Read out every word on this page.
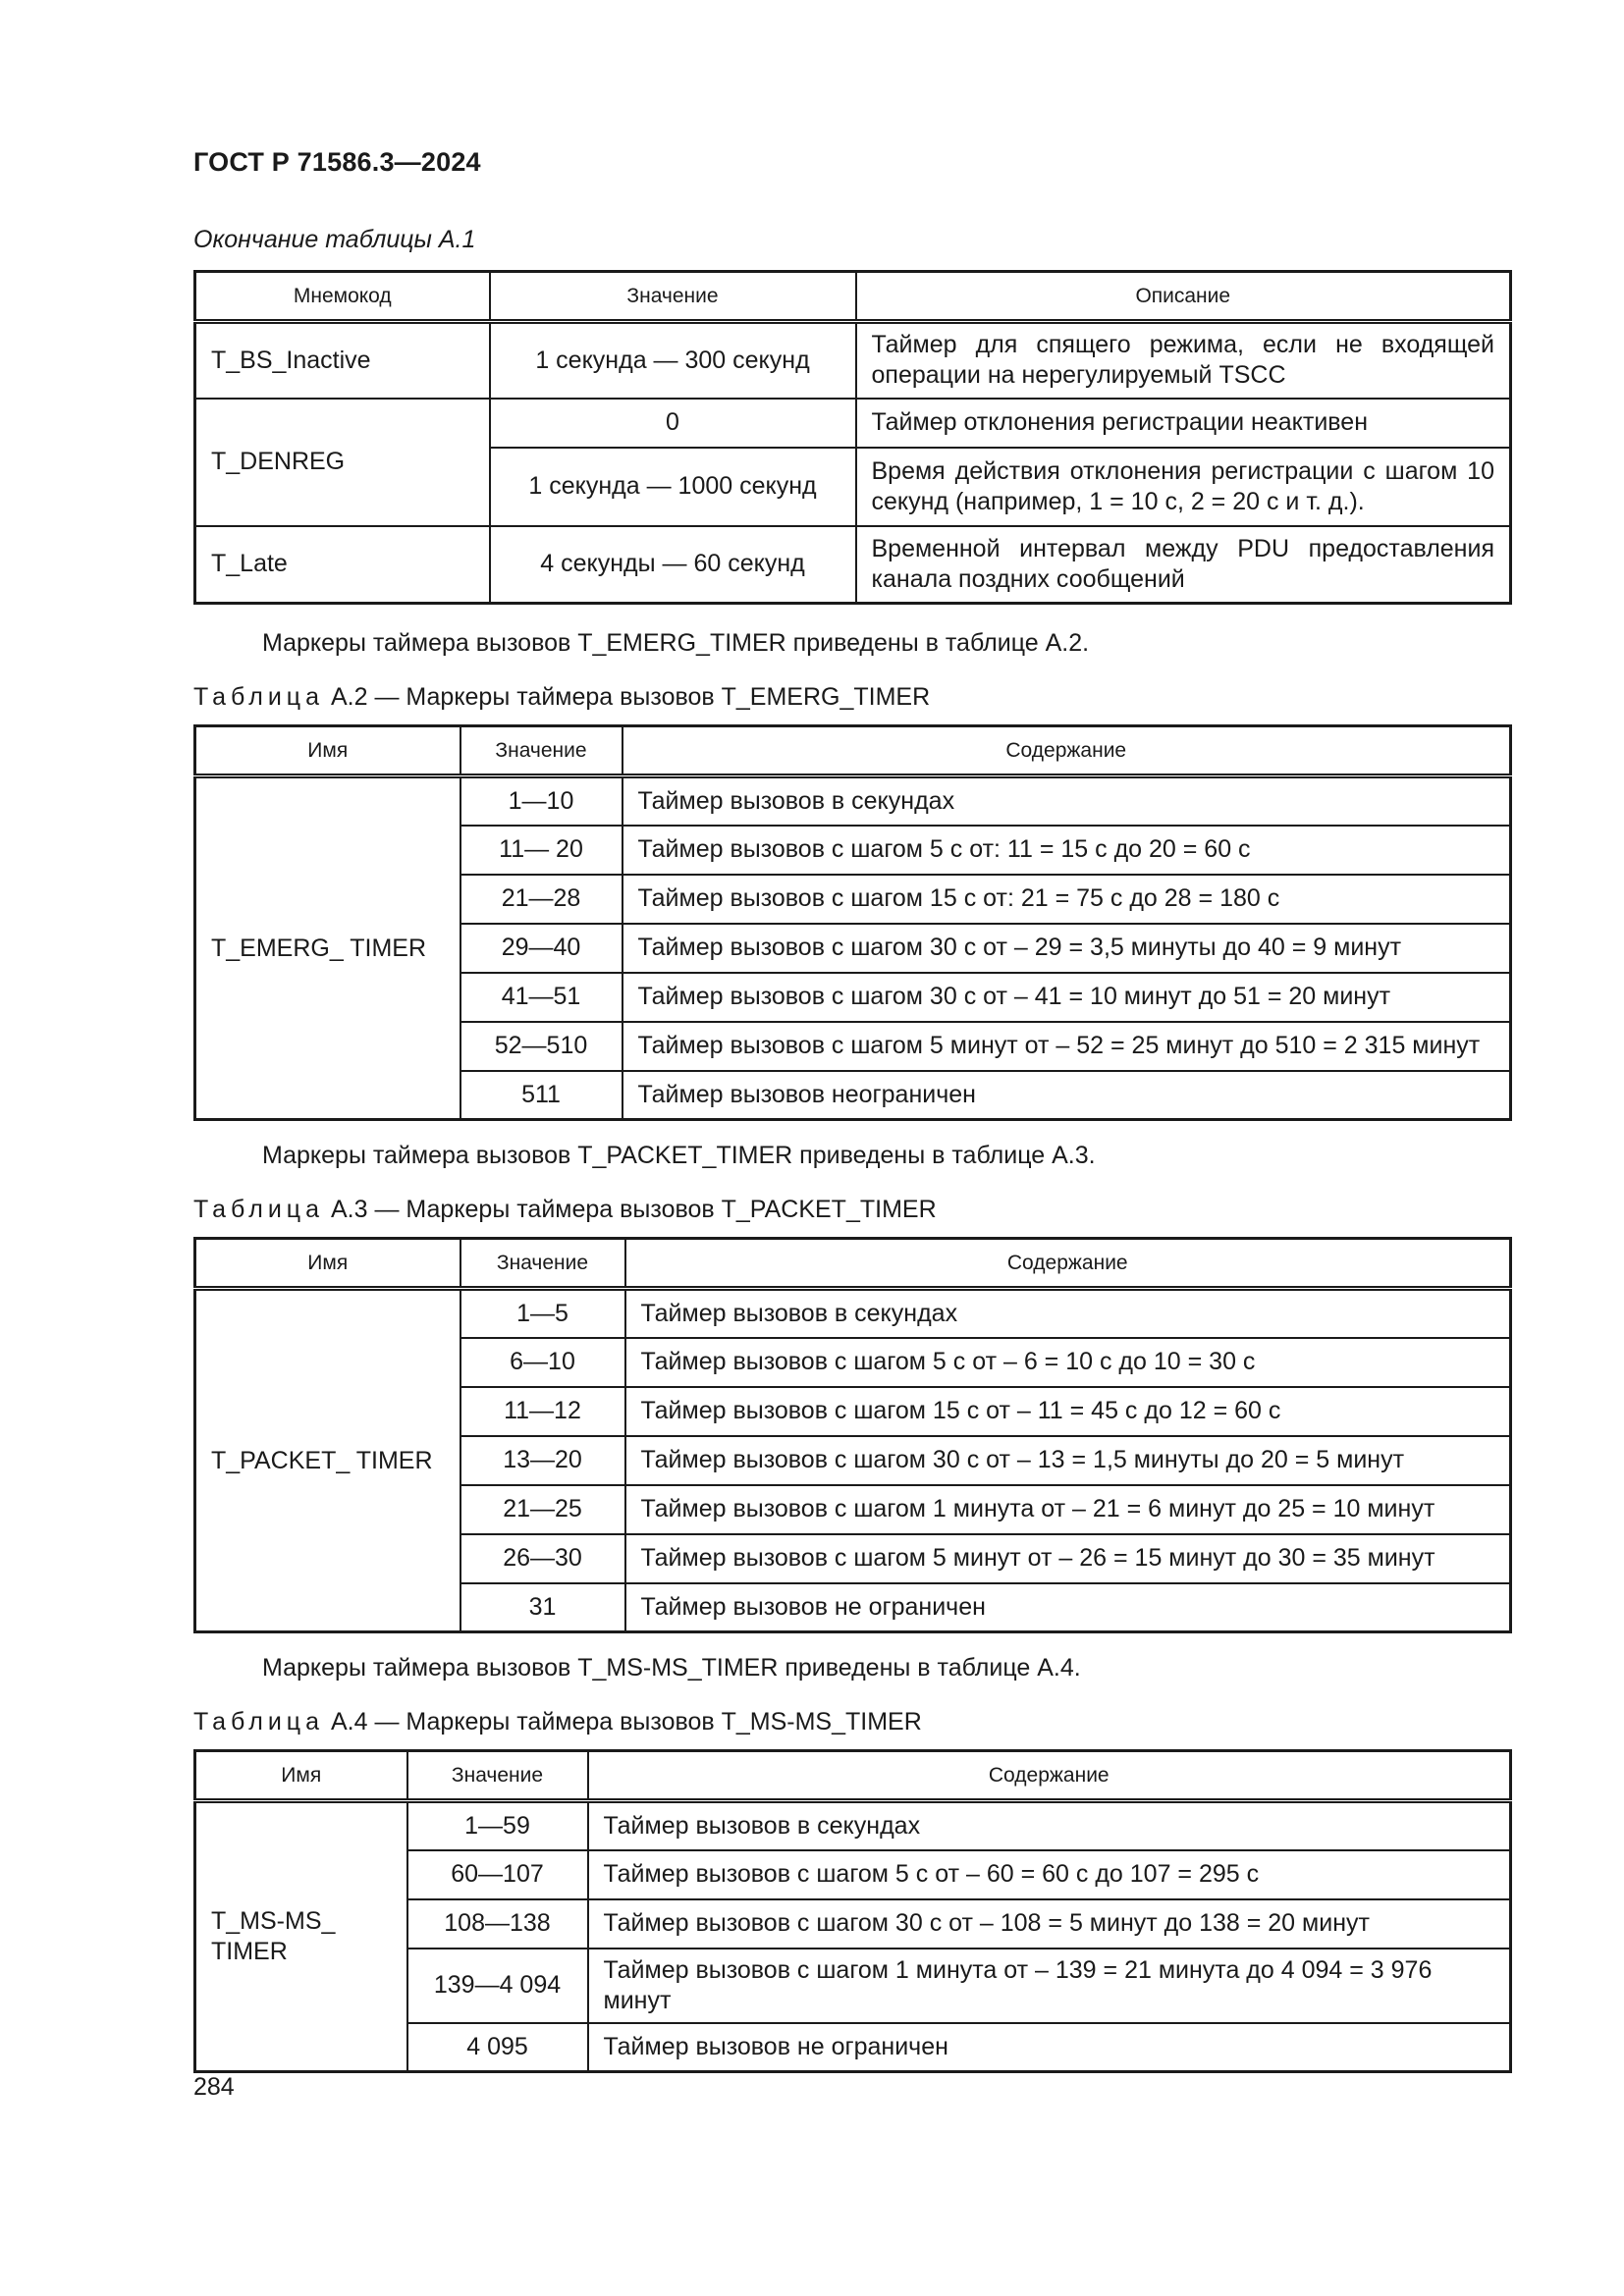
ГОСТ Р 71586.3—2024
Окончание таблицы А.1
Мнемокод	Значение	Описание
T_BS_Inactive	1 секунда — 300 секунд	Таймер для спящего режима, если не входящей операции на нерегулируемый TSCC
T_DENREG	0	Таймер отклонения регистрации неактивен
	1 секунда — 1000 секунд	Время действия отклонения регистрации с шагом 10 секунд (например, 1 = 10 с, 2 = 20 с и т. д.).
T_Late	4 секунды — 60 секунд	Временной интервал между PDU предоставления канала поздних сообщений
Маркеры таймера вызовов T_EMERG_TIMER приведены в таблице А.2.
Таблица А.2 — Маркеры таймера вызовов T_EMERG_TIMER
Имя	Значение	Содержание
T_EMERG_ TIMER	1—10	Таймер вызовов в секундах
	11— 20	Таймер вызовов с шагом 5 с от: 11 = 15 с до 20 = 60 с
	21—28	Таймер вызовов с шагом 15 с от: 21 = 75 с до 28 = 180 с
	29—40	Таймер вызовов с шагом 30 с от – 29 = 3,5 минуты до 40 = 9 минут
	41—51	Таймер вызовов с шагом 30 с от – 41 = 10 минут до 51 = 20 минут
	52—510	Таймер вызовов с шагом 5 минут от – 52 = 25 минут до 510 = 2 315 минут
	511	Таймер вызовов неограничен
Маркеры таймера вызовов T_PACKET_TIMER приведены в таблице А.3.
Таблица А.3 — Маркеры таймера вызовов T_PACKET_TIMER
Имя	Значение	Содержание
T_PACKET_ TIMER	1—5	Таймер вызовов в секундах
	6—10	Таймер вызовов с шагом 5 с от – 6 = 10 с до 10 = 30 с
	11—12	Таймер вызовов с шагом 15 с от – 11 = 45 с до 12 = 60 с
	13—20	Таймер вызовов с шагом 30 с от – 13 = 1,5 минуты до 20 = 5 минут
	21—25	Таймер вызовов с шагом 1 минута от – 21 = 6 минут до 25 = 10 минут
	26—30	Таймер вызовов с шагом 5 минут от – 26 = 15 минут до 30 = 35 минут
	31	Таймер вызовов не ограничен
Маркеры таймера вызовов T_MS-MS_TIMER приведены в таблице А.4.
Таблица А.4 — Маркеры таймера вызовов T_MS-MS_TIMER
Имя	Значение	Содержание
T_MS-MS_
TIMER	1—59	Таймер вызовов в секундах
	60—107	Таймер вызовов с шагом 5 с от – 60 = 60 с до 107 = 295 с
	108—138	Таймер вызовов с шагом 30 с от – 108 = 5 минут до 138 = 20 минут
	139—4 094	Таймер вызовов с шагом 1 минута от – 139 = 21 минута до 4 094 = 3 976 минут
	4 095	Таймер вызовов не ограничен
284
